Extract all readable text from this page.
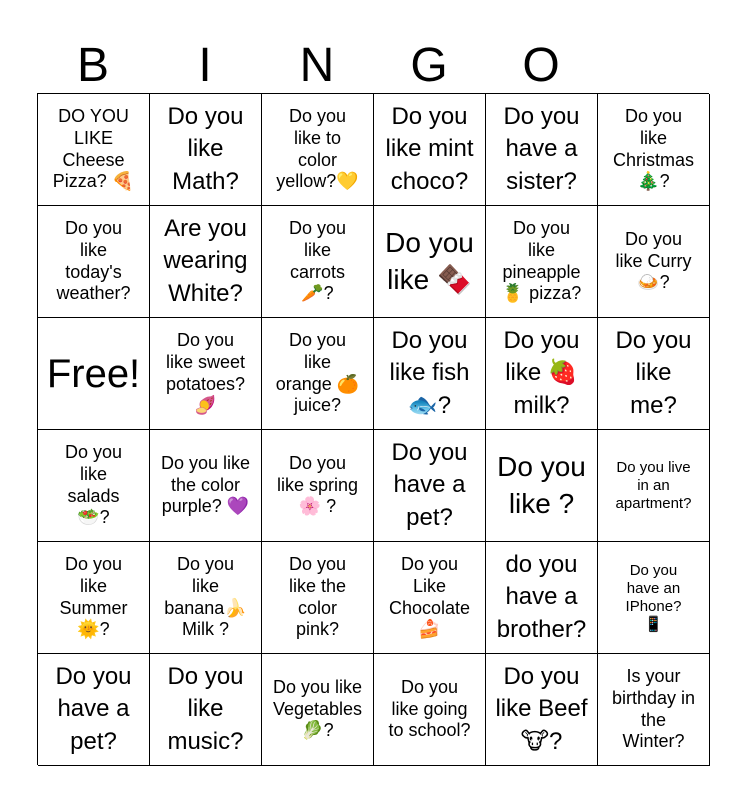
B	I	N	G	O
DO YOU
LIKE
Cheese
Pizza? 🍕
Do you
like
Math?
Do you
like to
color
yellow?💛
Do you
like mint
choco?
Do you
have a
sister?
Do you
like
Christmas
🎄?
Do you
like
today's
weather?
Are you
wearing
White?
Do you
like
carrots
🥕?
Do you
like 🍫
Do you
like
pineapple
🍍 pizza?
Do you
like Curry
🍛?
Free!
Do you
like sweet
potatoes?
🍠
Do you
like
orange 🍊
juice?
Do you
like fish
🐟?
Do you
like 🍓
milk?
Do you
like
me?
Do you
like
salads
🥗?
Do you like
the color
purple? 💜
Do you
like spring
🌸 ?
Do you
have a
pet?
Do you
like ?
Do you live
in an
apartment?
Do you
like
Summer
🌞?
Do you
like
banana🍌
Milk ?
Do you
like the
color
pink?
Do you
Like
Chocolate
🍰
do you
have a
brother?
Do you
have an
IPhone?
📱
Do you
have a
pet?
Do you
like
music?
Do you like
Vegetables
🥬?
Do you
like going
to school?
Do you
like Beef
🐮?
Is your
birthday in
the
Winter?
